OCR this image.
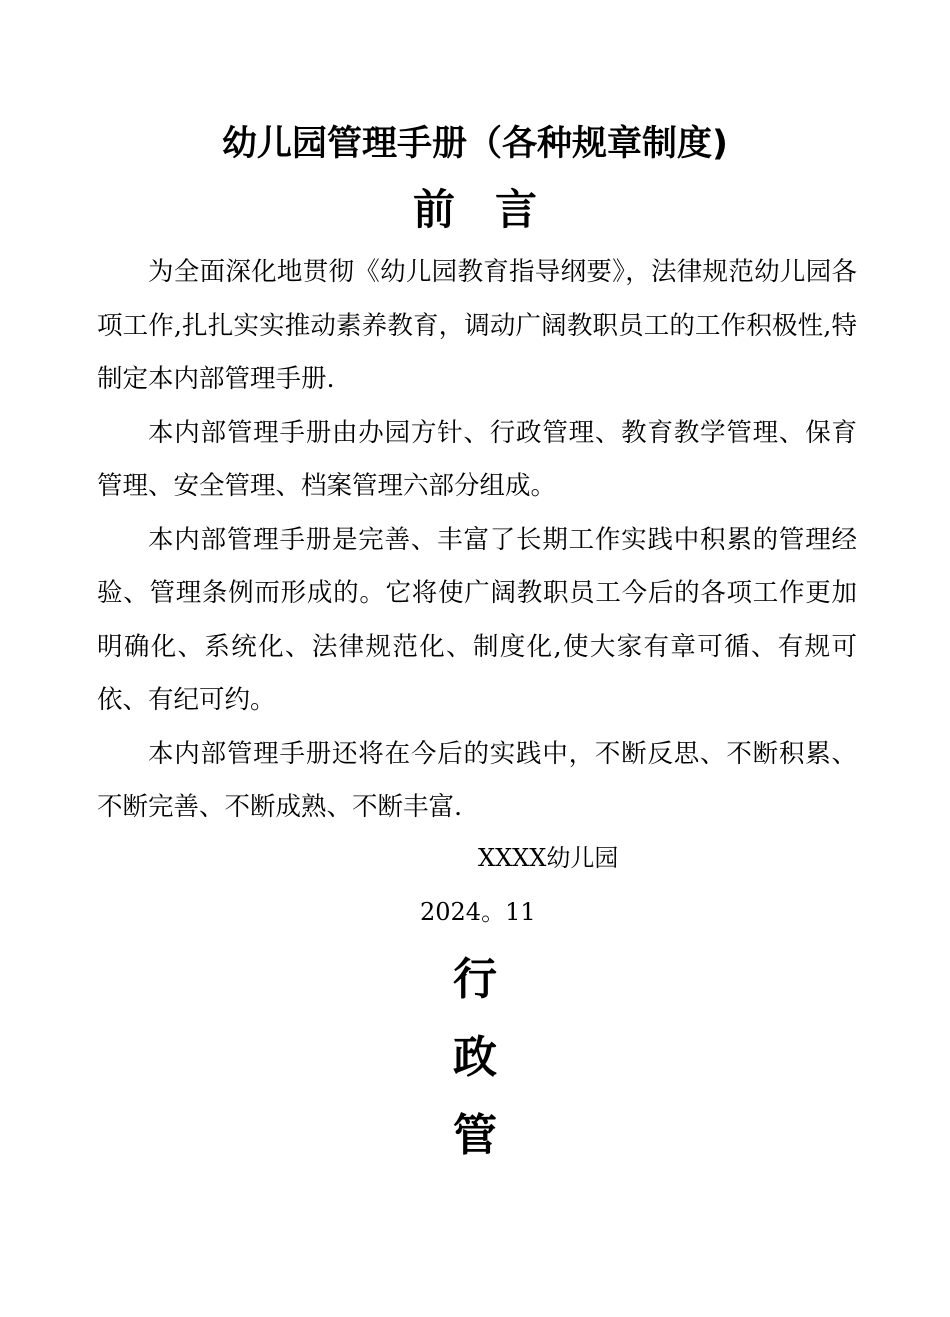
幼儿园管理手册（各种规章制度)
前 言

为全面深化地贯彻《幼儿园教育指导纲要》，法律规范幼儿园各项工作,扎扎实实推动素养教育，调动广阔教职员工的工作积极性,特制定本内部管理手册.

本内部管理手册由办园方针、行政管理、教育教学管理、保育管理、安全管理、档案管理六部分组成。

本内部管理手册是完善、丰富了长期工作实践中积累的管理经验、管理条例而形成的。它将使广阔教职员工今后的各项工作更加明确化、系统化、法律规范化、制度化,使大家有章可循、有规可依、有纪可约。

本内部管理手册还将在今后的实践中，不断反思、不断积累、不断完善、不断成熟、不断丰富.

XXXX幼儿园
2024。11
行
政
管
